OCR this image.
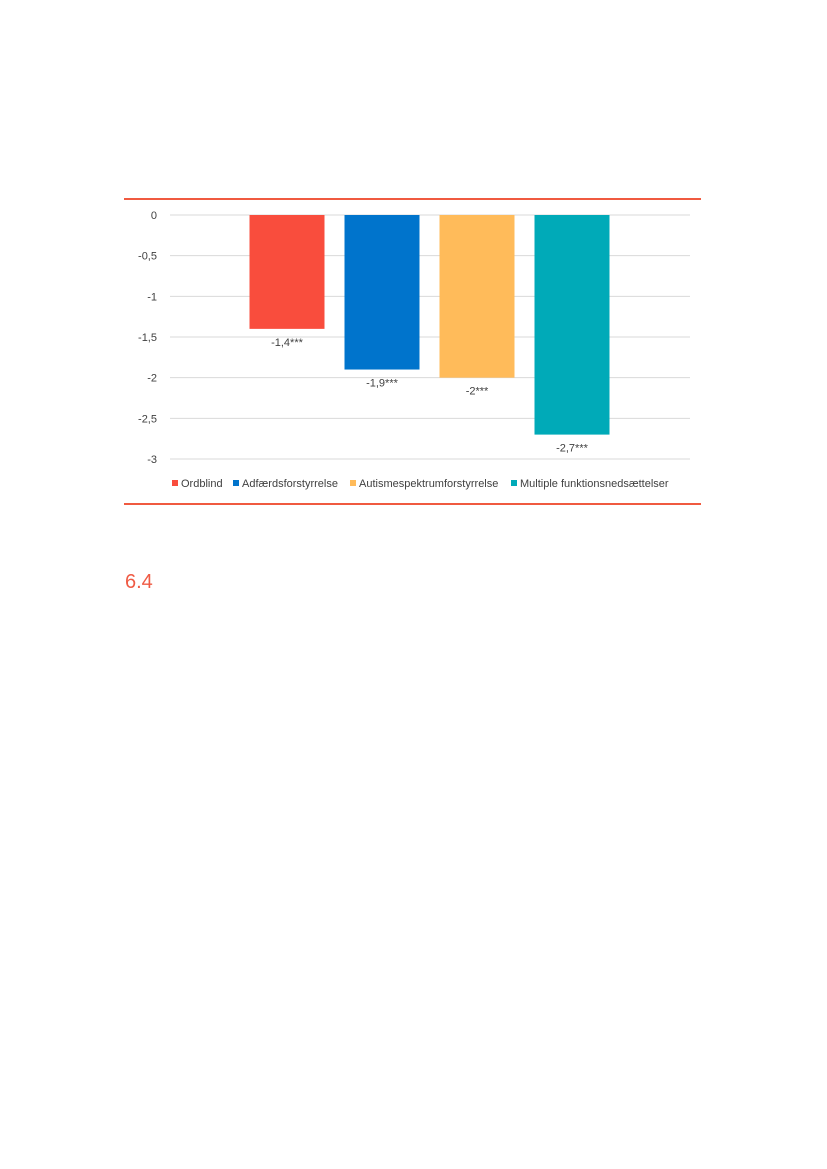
0
-0,5
-1
-1,5
-2
-2,5
-3
-1,4***
-1,9***
-2***
-2,7***
Ordblind Adfærdsforstyrrelse Autismespektrumforstyrrelse Multiple funktionsnedsættelser
6.4
